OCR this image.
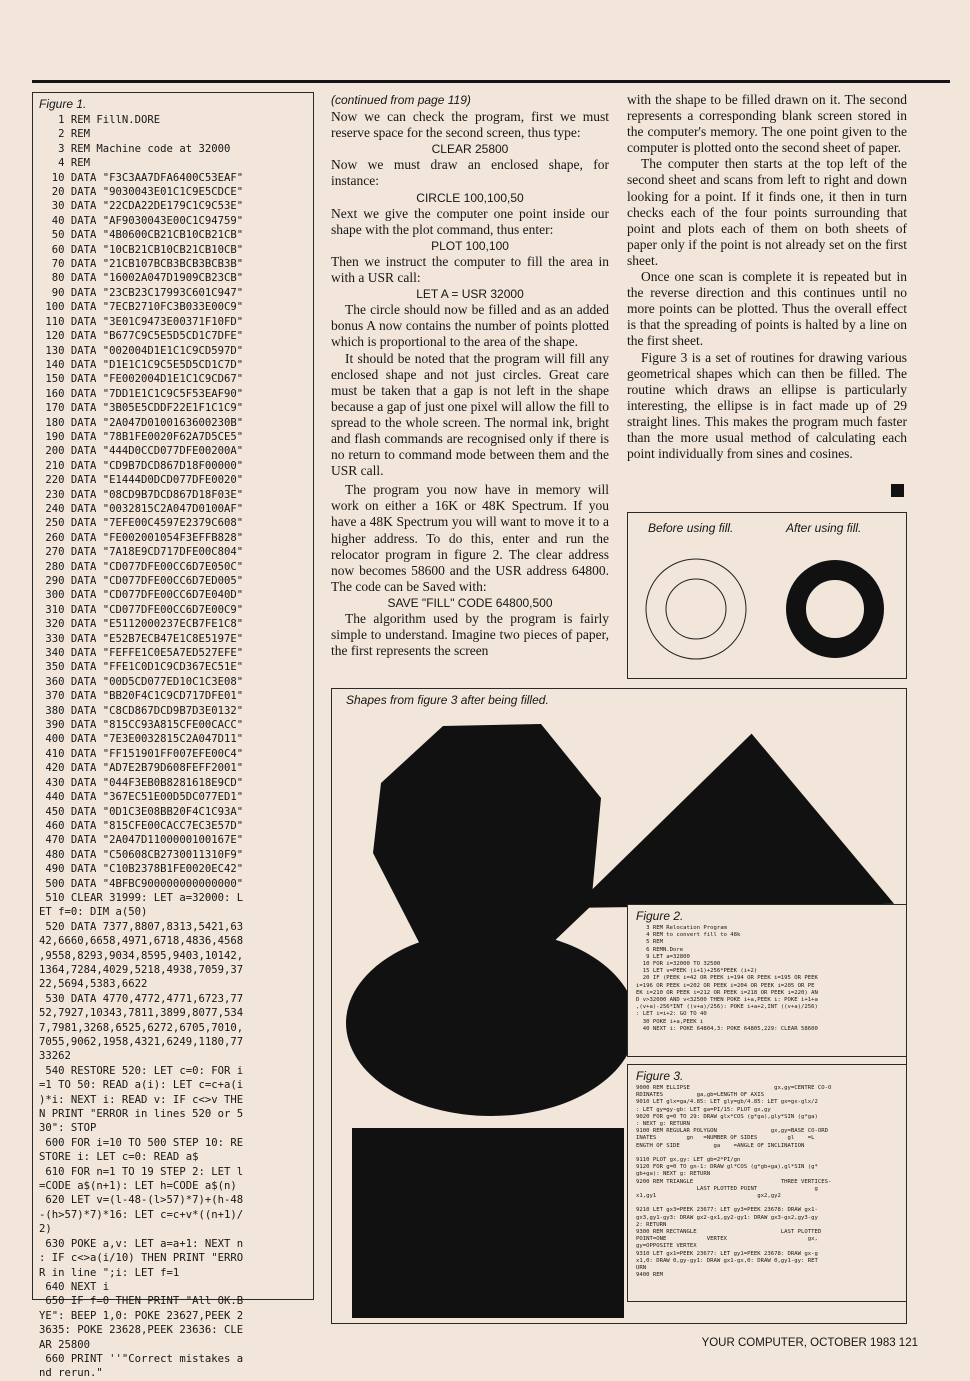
Figure 1.
1 REM FillN.DORE
2 REM
3 REM Machine code at 32000
4 REM
10 DATA "F3C3AA7DFA6400C53EAF"
20 DATA "9030043E01C1C9E5CDCE"
30 DATA "22CDA22DE179C1C9C53E"
40 DATA "AF9030043E00C1C94759"
50 DATA "4B0600CB21CB10CB21CB"
60 DATA "10CB21CB10CB21CB10CB"
70 DATA "21CB107BCB3BCB3BCB3B"
80 DATA "16002A047D1909CB23CB"
90 DATA "23CB23C17993C601C947"
100 DATA "7ECB2710FC3B033E00C9"
110 DATA "3E01C9473E00371F10FD"
120 DATA "B677C9C5E5D5CD1C7DFE"
130 DATA "002004D1E1C1C9CD597D"
140 DATA "D1E1C1C9C5E5D5CD1C7D"
150 DATA "FE002004D1E1C1C9CD67"
160 DATA "7DD1E1C1C9C5F53EAF90"
170 DATA "3B05E5CDDF22E1F1C1C9"
180 DATA "2A047D0100163600230B"
190 DATA "78B1FE0020F62A7D5CE5"
200 DATA "444D0CCD077DFE00200A"
210 DATA "CD9B7DCD867D18F00000"
220 DATA "E1444D0DCD077DFE0020"
230 DATA "08CD9B7DCD867D18F03E"
240 DATA "0032815C2A047D0100AF"
250 DATA "7EFE00C4597E2379C608"
260 DATA "FE002001054F3EFFB828"
270 DATA "7A18E9CD717DFE00C804"
280 DATA "CD077DFE00CC6D7E050C"
290 DATA "CD077DFE00CC6D7ED005"
300 DATA "CD077DFE00CC6D7E040D"
310 DATA "CD077DFE00CC6D7E00C9"
320 DATA "E5112000237ECB7FE1C8"
330 DATA "E52B7ECB47E1C8E5197E"
340 DATA "FEFFE1C0E5A7ED527EFE"
350 DATA "FFE1C0D1C9CD367EC51E"
360 DATA "00D5CD077ED10C1C3E08"
370 DATA "BB20F4C1C9CD717DFE01"
380 DATA "C8CD867DCD9B7D3E0132"
390 DATA "815CC93A815CFE00CACC"
400 DATA "7E3E0032815C2A047D11"
410 DATA "FF151901FF007EFE00C4"
420 DATA "AD7E2B79D608FEFF2001"
430 DATA "044F3EB0B8281618E9CD"
440 DATA "367EC51E00D5DC077ED1"
450 DATA "0D1C3E08BB20F4C1C93A"
460 DATA "815CFE00CACC7EC3E57D"
470 DATA "2A047D1100000100167E"
480 DATA "C50608CB2730011310F9"
490 DATA "C10B2378B1FE0020EC42"
500 DATA "4BFBC900000000000000"
510 CLEAR 31999: LET a=32000: L
ET f=0: DIM a(50)
520 DATA 7377,8807,8313,5421,63
42,6660,6658,4971,6718,4836,4568
,9558,8293,9034,8595,9403,10142,
1364,7284,4029,5218,4938,7059,37
22,5694,5383,6622
530 DATA 4770,4772,4771,6723,77
52,7927,10343,7811,3899,8077,534
7,7981,3268,6525,6272,6705,7010,
7055,9062,1958,4321,6249,1180,77
33262
540 RESTORE 520: LET c=0: FOR i
=1 TO 50: READ a(i): LET c=c+a(i
)*i: NEXT i: READ v: IF c<>v THE
N PRINT "ERROR in lines 520 or 5
30": STOP
600 FOR i=10 TO 500 STEP 10: RE
STORE i: LET c=0: READ a$
610 FOR n=1 TO 19 STEP 2: LET l
=CODE a$(n+1): LET h=CODE a$(n)
620 LET v=(l-48-(l>57)*7)+(h-48
-(h>57)*7)*16: LET c=c+v*((n+1)/
2)
630 POKE a,v: LET a=a+1: NEXT n
: IF c<>a(i/10) THEN PRINT "ERRO
R in line ";i: LET f=1
640 NEXT i
650 IF f=0 THEN PRINT "All OK.B
YE": BEEP 1,0: POKE 23627,PEEK 2
3635: POKE 23628,PEEK 23636: CLE
AR 25800
660 PRINT ''"Correct mistakes a
nd rerun."
(continued from page 119)

Now we can check the program, first we must reserve space for the second screen, thus type:

CLEAR 25800

Now we must draw an enclosed shape, for instance:

CIRCLE 100,100,50

Next we give the computer one point inside our shape with the plot command, thus enter:

PLOT 100,100

Then we instruct the computer to fill the area in with a USR call:

LET A = USR 32000

The circle should now be filled and as an added bonus A now contains the number of points plotted which is proportional to the area of the shape.

It should be noted that the program will fill any enclosed shape and not just circles. Great care must be taken that a gap is not left in the shape because a gap of just one pixel will allow the fill to spread to the whole screen. The normal ink, bright and flash commands are recognised only if there is no return to command mode between them and the USR call.

The program you now have in memory will work on either a 16K or 48K Spectrum. If you have a 48K Spectrum you will want to move it to a higher address. To do this, enter and run the relocator program in figure 2. The clear address now becomes 58600 and the USR address 64800. The code can be Saved with:

SAVE "FILL" CODE 64800,500

The algorithm used by the program is fairly simple to understand. Imagine two pieces of paper, the first represents the screen

with the shape to be filled drawn on it. The second represents a corresponding blank screen stored in the computer's memory. The one point given to the computer is plotted onto the second sheet of paper.

The computer then starts at the top left of the second sheet and scans from left to right and down looking for a point. If it finds one, it then in turn checks each of the four points surrounding that point and plots each of them on both sheets of paper only if the point is not already set on the first sheet.

Once one scan is complete it is repeated but in the reverse direction and this continues until no more points can be plotted. Thus the overall effect is that the spreading of points is halted by a line on the first sheet.

Figure 3 is a set of routines for drawing various geometrical shapes which can then be filled. The routine which draws an ellipse is particularly interesting, the ellipse is in fact made up of 29 straight lines. This makes the program much faster than the more usual method of calculating each point individually from sines and cosines.

Before using fill.	After using fill.
Shapes from figure 3 after being filled.
Figure 2.
3 REM Relocation Program
4 REM to convert fill to 48k
5 REM
6 REMN.Dore
9 LET a=32800
10 FOR i=32000 TO 32500
15 LET v=PEEK (i+1)+256*PEEK (i+2)
20 IF (PEEK i=42 OR PEEK i=194 OR PEEK i=195 OR PEEK
i=196 OR PEEK i=202 OR PEEK i=204 OR PEEK i=205 OR PE
EK i=210 OR PEEK i=212 OR PEEK i=218 OR PEEK i=220) AN
D v>32000 AND v<32500 THEN POKE i+a,PEEK i: POKE i+1+a
,(v+a)-256*INT ((v+a)/256): POKE i+a+2,INT ((v+a)/256)
: LET i=i+2: GO TO 40
30 POKE i+a,PEEK i
40 NEXT i: POKE 64804,3: POKE 64805,229: CLEAR 58600
Figure 3.
9000 REM ELLIPSE                         gx,gy=CENTRE CO-O
RDINATES          ga,gb=LENGTH OF AXIS
9010 LET glx=ga/4.85: LET gly=gb/4.85: LET gx=gx-glx/2
: LET gy=gy-gb: LET ga=PI/15: PLOT gx,gy
9020 FOR g=0 TO 29: DRAW glx*COS (g*ga),gly*SIN (g*ga)
: NEXT g: RETURN
9100 REM REGULAR POLYGON                gx,gy=BASE CO-ORD
INATES         gn   =NUMBER OF SIDES         gl    =L
ENGTH OF SIDE          ga    =ANGLE OF INCLINATION

9110 PLOT gx,gy: LET gb=2*PI/gn
9120 FOR g=0 TO gn-1: DRAW gl*COS (g*gb+ga),gl*SIN (g*
gb+ga): NEXT g: RETURN
9200 REM TRIANGLE                          THREE VERTICES-
LAST PLOTTED POINT                 g
x1,gy1                              gx2,gy2

9210 LET gx3=PEEK 23677: LET gy3=PEEK 23678: DRAW gx1-
gx3,gy1-gy3: DRAW gx2-gx1,gy2-gy1: DRAW gx3-gx2,gy3-gy
2: RETURN
9300 REM RECTANGLE                         LAST PLOTTED
POINT=ONE            VERTEX                        gx,
gy=OPPOSITE VERTEX
9310 LET gx1=PEEK 23677: LET gy1=PEEK 23678: DRAW gx-g
x1,0: DRAW 0,gy-gy1: DRAW gx1-gx,0: DRAW 0,gy1-gy: RET
URN
9400 REM
YOUR COMPUTER, OCTOBER 1983 121
